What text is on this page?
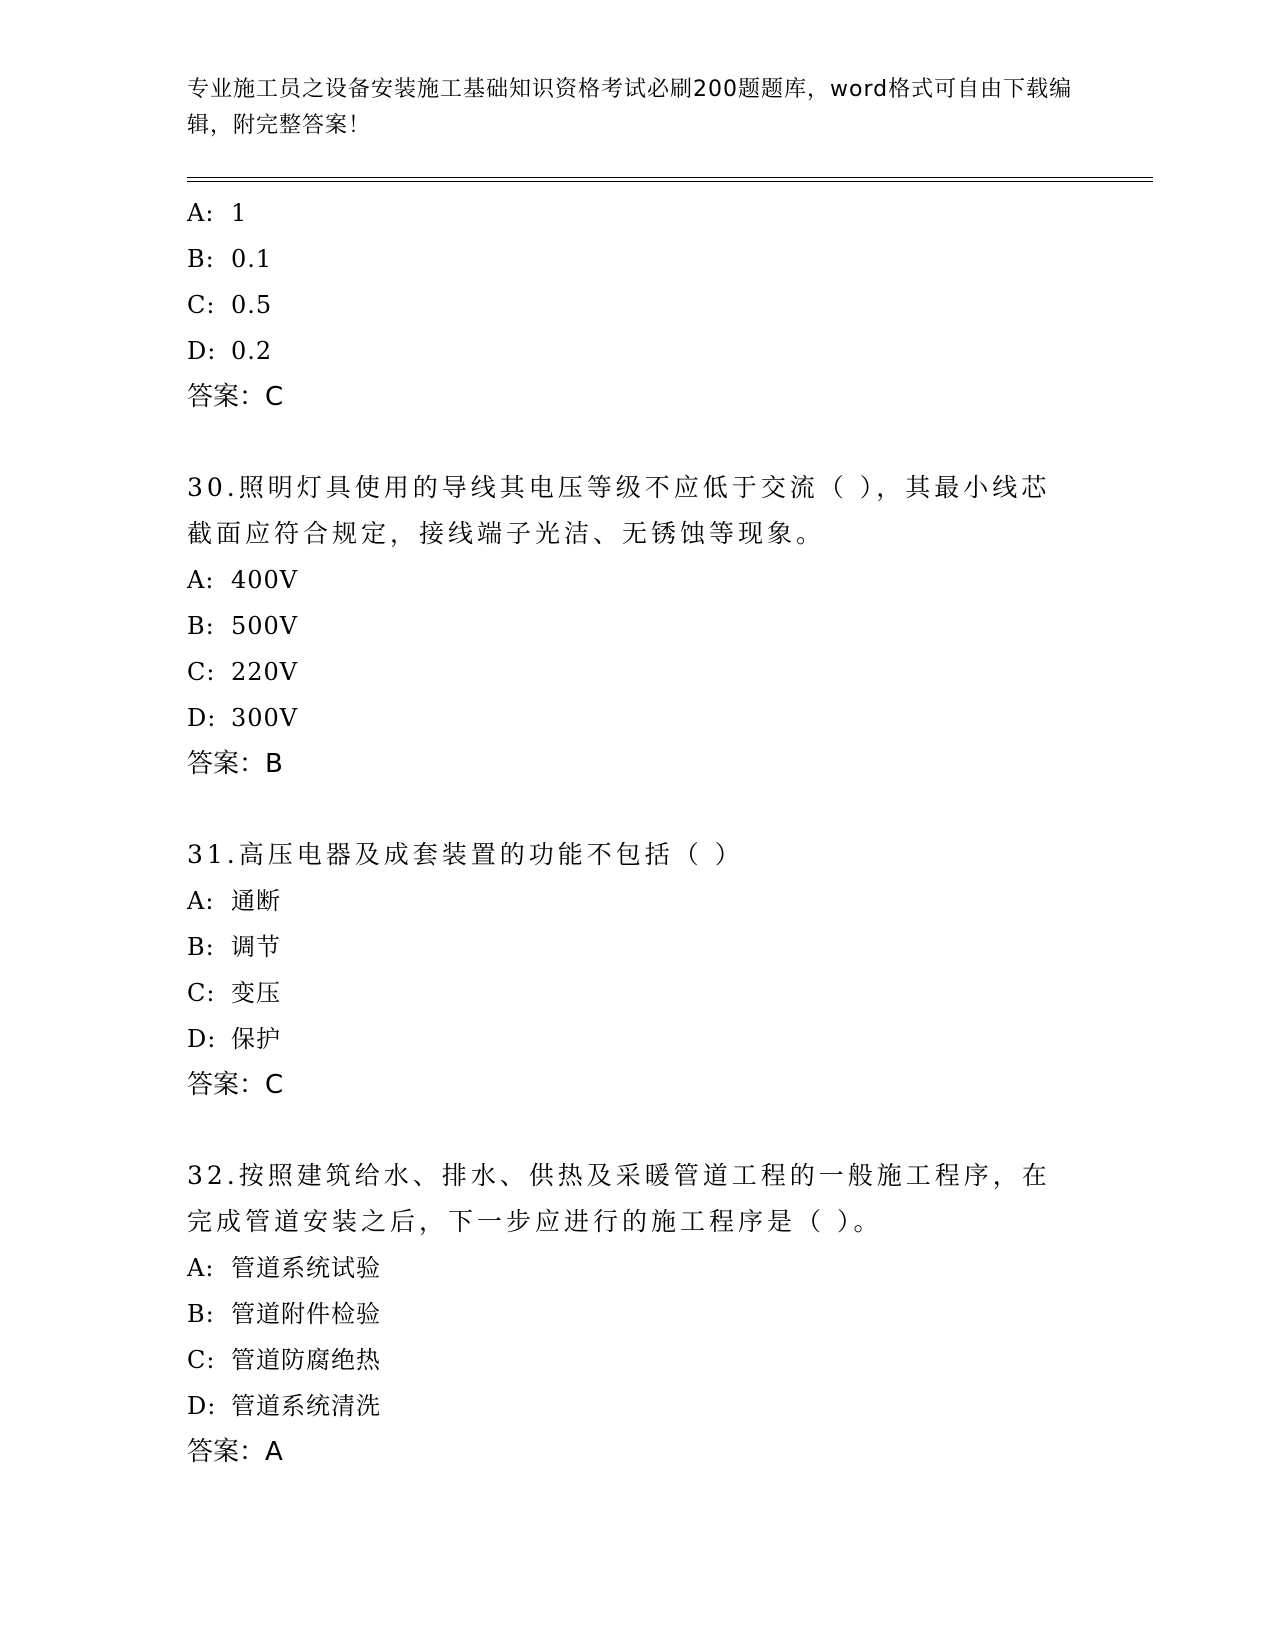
专业施工员之设备安装施工基础知识资格考试必刷200题题库，word格式可自由下载编辑，附完整答案！
A: 1
B: 0.1
C: 0.5
D: 0.2
答案：C
30.照明灯具使用的导线其电压等级不应低于交流（ ），其最小线芯截面应符合规定，接线端子光洁、无锈蚀等现象。
A: 400V
B: 500V
C: 220V
D: 300V
答案：B
31.高压电器及成套装置的功能不包括（ ）
A: 通断
B: 调节
C: 变压
D: 保护
答案：C
32.按照建筑给水、排水、供热及采暖管道工程的一般施工程序，在完成管道安装之后，下一步应进行的施工程序是（ ）。
A: 管道系统试验
B: 管道附件检验
C: 管道防腐绝热
D: 管道系统清洗
答案：A
